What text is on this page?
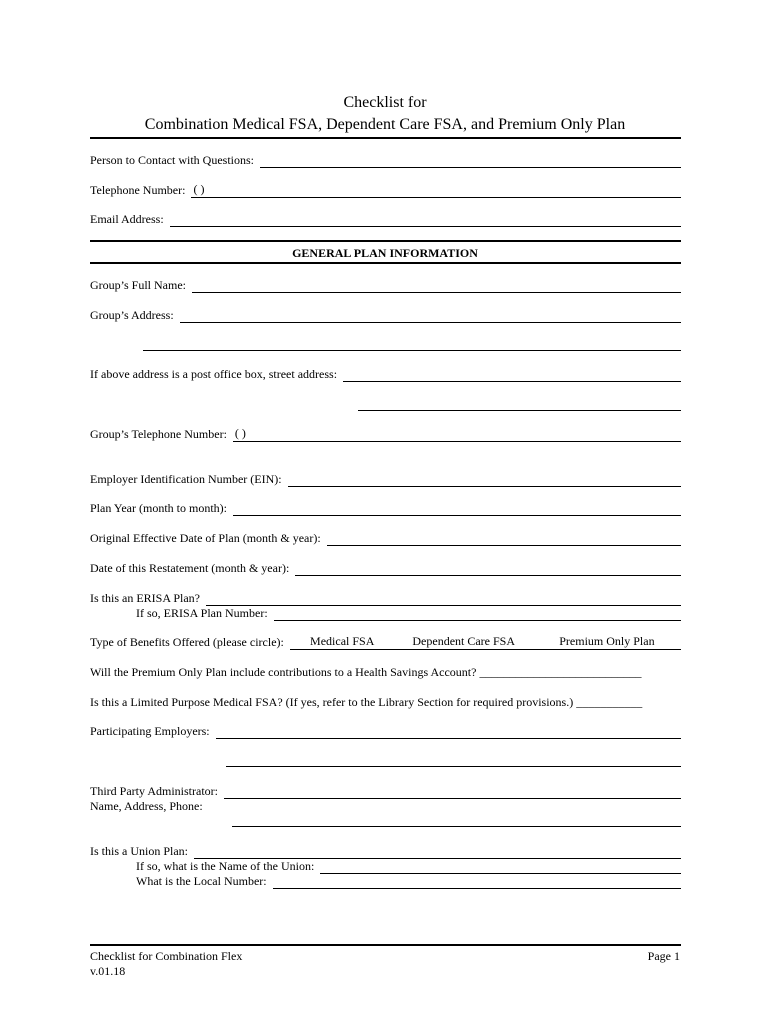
Checklist for
Combination Medical FSA, Dependent Care FSA, and Premium Only Plan
Person to Contact with Questions:
Telephone Number: ( )
Email Address:
GENERAL PLAN INFORMATION
Group’s Full Name:
Group’s Address:
If above address is a post office box, street address:
Group’s Telephone Number: ( )
Employer Identification Number (EIN):
Plan Year (month to month):
Original Effective Date of Plan (month & year):
Date of this Restatement (month & year):
Is this an ERISA Plan?
If so, ERISA Plan Number:
Type of Benefits Offered (please circle):	Medical FSA	Dependent Care FSA	Premium Only Plan
Will the Premium Only Plan include contributions to a Health Savings Account? ___________________________
Is this a Limited Purpose Medical FSA? (If yes, refer to the Library Section for required provisions.) ___________
Participating Employers:
Third Party Administrator:
Name, Address, Phone:
Is this a Union Plan:
If so, what is the Name of the Union:
What is the Local Number:
Checklist for Combination Flex
v.01.18
Page 1
